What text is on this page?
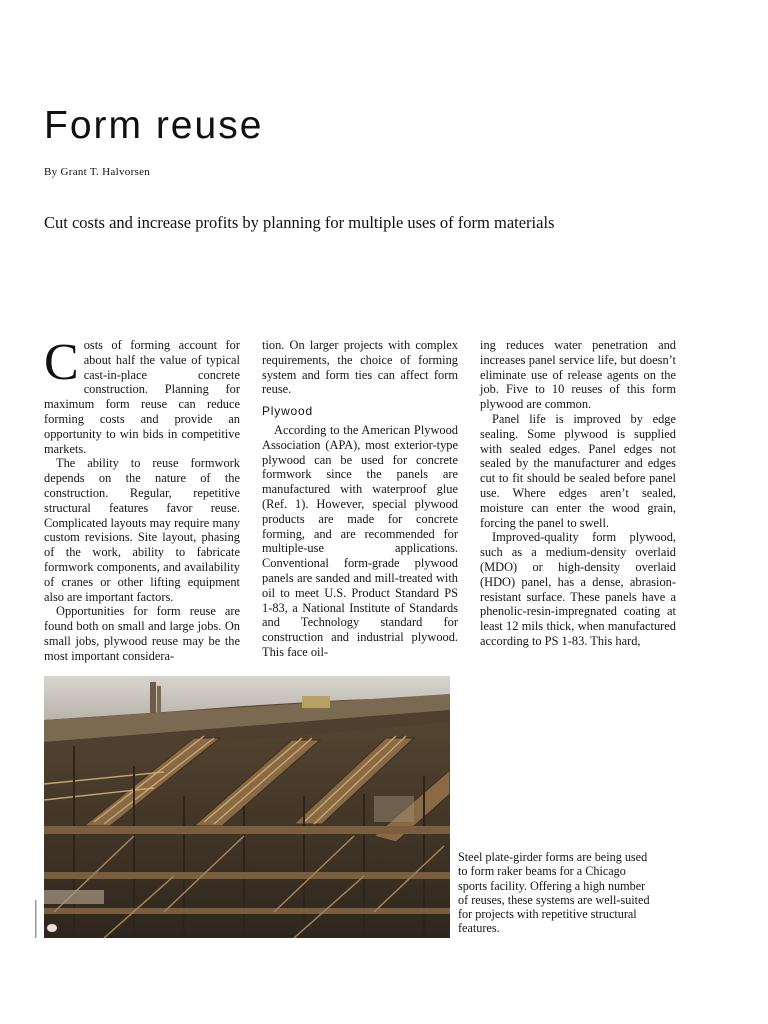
Form reuse
By Grant T. Halvorsen
Cut costs and increase profits by planning for multiple uses of form materials

Costs of forming account for about half the value of typical cast-in-place concrete construction. Planning for maximum form reuse can reduce forming costs and provide an opportunity to win bids in competitive markets.

The ability to reuse formwork depends on the nature of the construction. Regular, repetitive structural features favor reuse. Complicated layouts may require many custom revisions. Site layout, phasing of the work, ability to fabricate formwork components, and availability of cranes or other lifting equipment also are important factors.

Opportunities for form reuse are found both on small and large jobs. On small jobs, plywood reuse may be the most important considera-

tion. On larger projects with complex requirements, the choice of forming system and form ties can affect form reuse.

Plywood

According to the American Plywood Association (APA), most exterior-type plywood can be used for concrete formwork since the panels are manufactured with waterproof glue (Ref. 1). However, special plywood products are made for concrete forming, and are recommended for multiple-use applications. Conventional form-grade plywood panels are sanded and mill-treated with oil to meet U.S. Product Standard PS 1-83, a National Institute of Standards and Technology standard for construction and industrial plywood. This face oil-

ing reduces water penetration and increases panel service life, but doesn’t eliminate use of release agents on the job. Five to 10 reuses of this form plywood are common.

Panel life is improved by edge sealing. Some plywood is supplied with sealed edges. Panel edges not sealed by the manufacturer and edges cut to fit should be sealed before panel use. Where edges aren’t sealed, moisture can enter the wood grain, forcing the panel to swell.

Improved-quality form plywood, such as a medium-density overlaid (MDO) or high-density overlaid (HDO) panel, has a dense, abrasion-resistant surface. These panels have a phenolic-resin-impregnated coating at least 12 mils thick, when manufactured according to PS 1-83. This hard,

Steel plate-girder forms are being used to form raker beams for a Chicago sports facility. Offering a high number of reuses, these systems are well-suited for projects with repetitive structural features.
